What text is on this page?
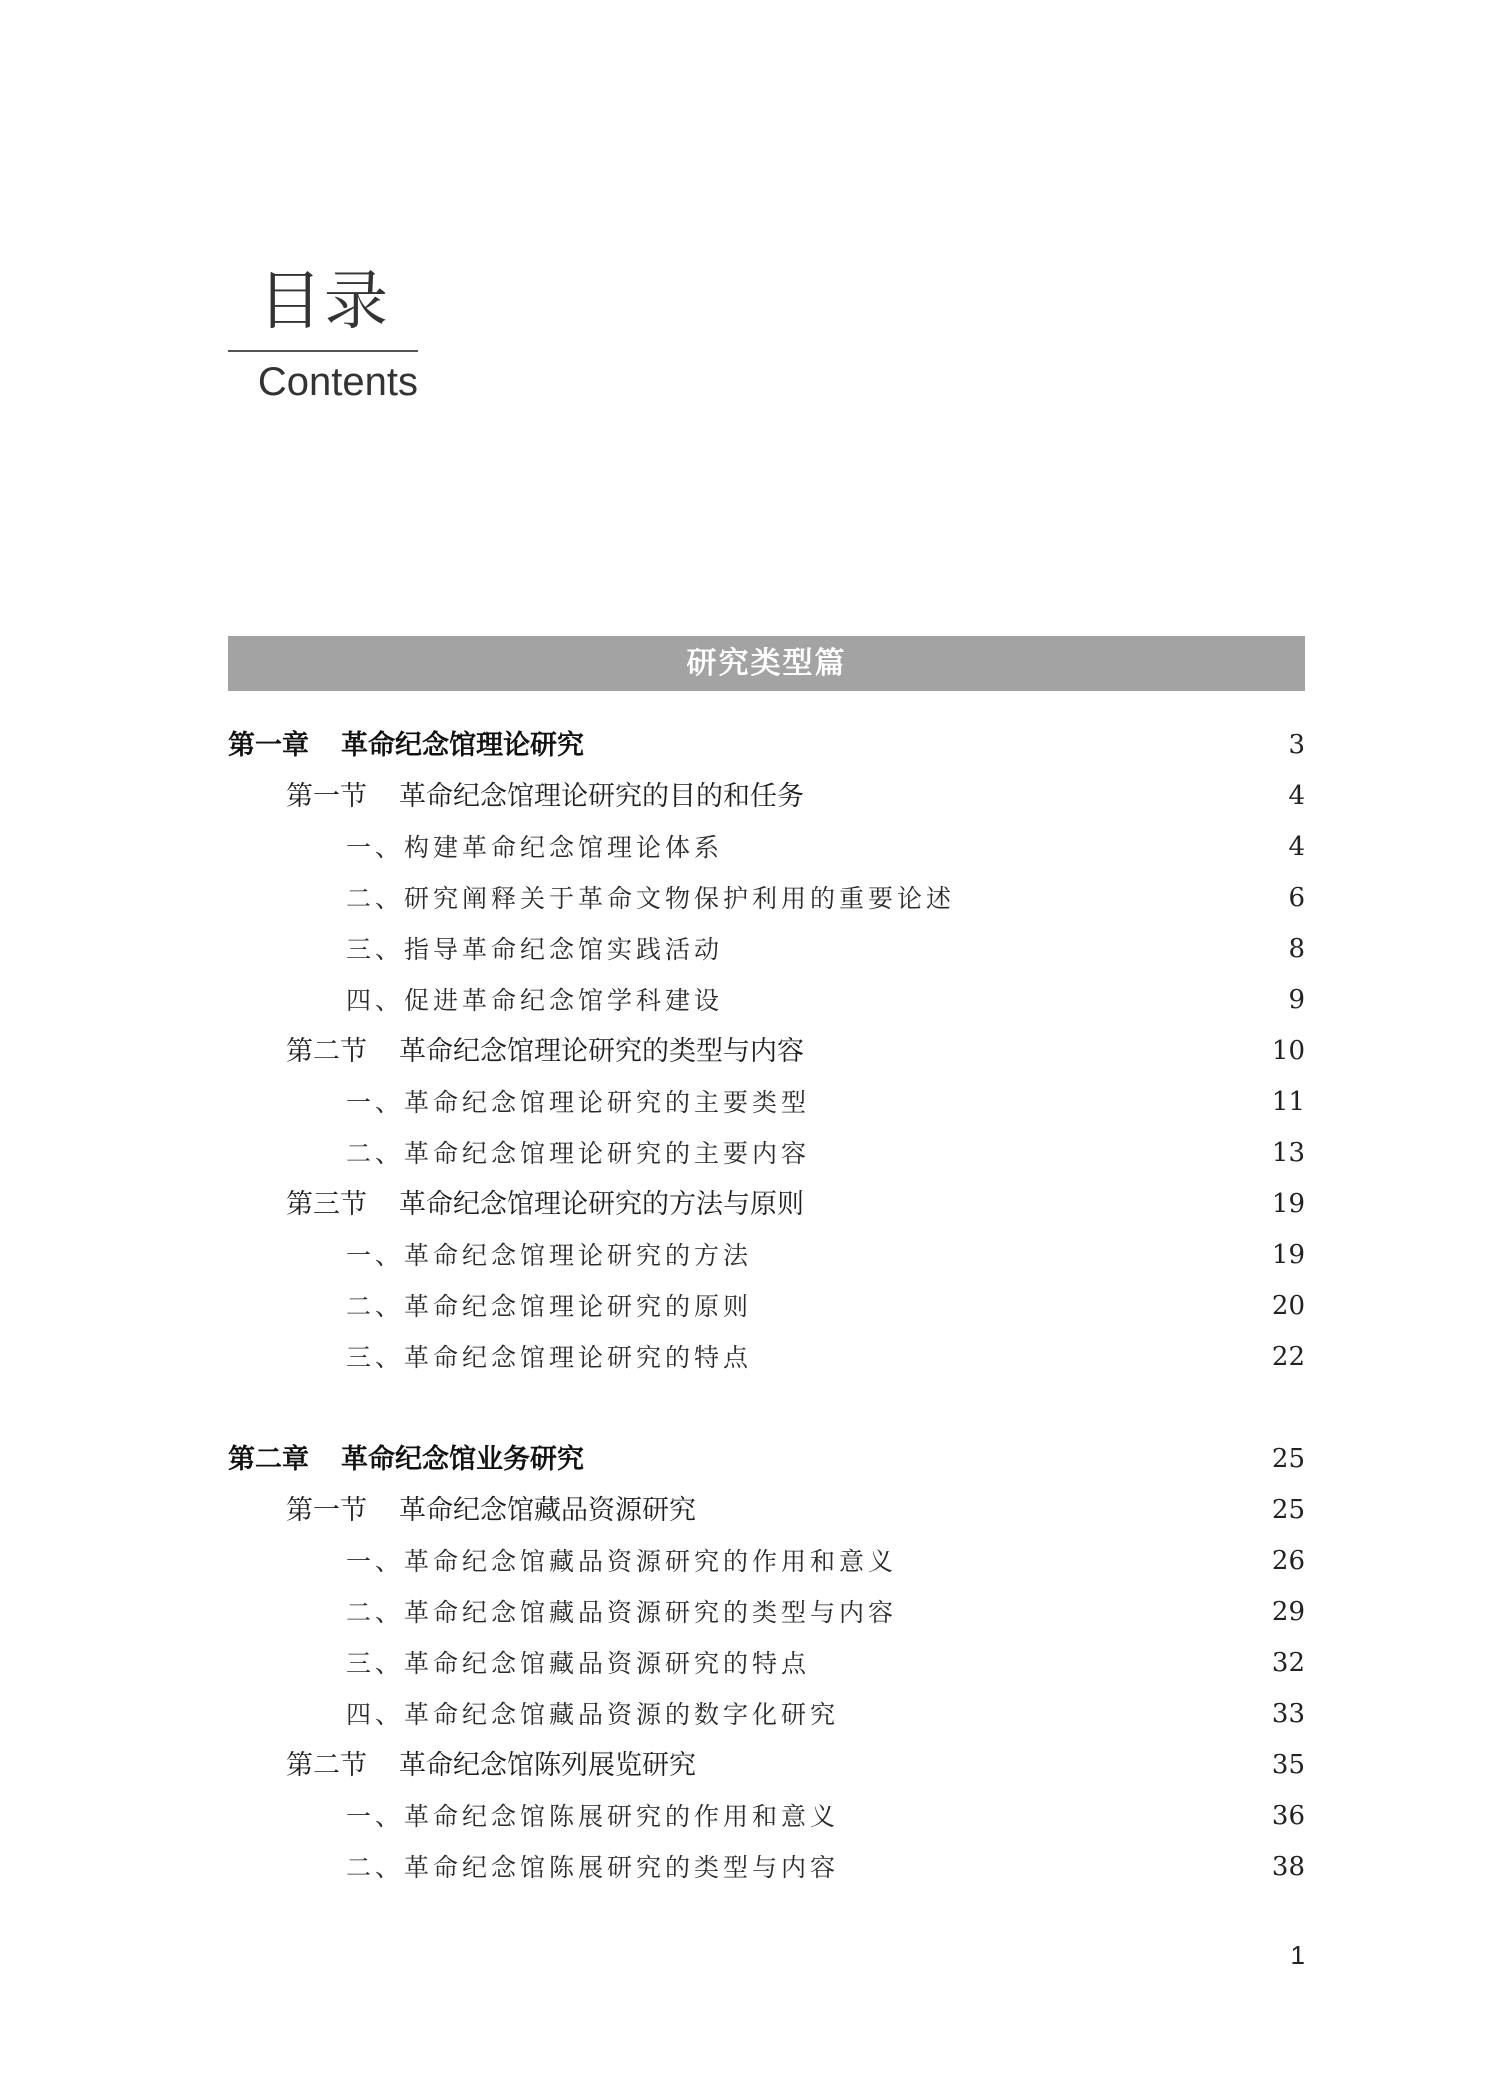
目录
Contents
研究类型篇
第一章 革命纪念馆理论研究	3
第一节 革命纪念馆理论研究的目的和任务	4
一、构建革命纪念馆理论体系	4
二、研究阐释关于革命文物保护利用的重要论述	6
三、指导革命纪念馆实践活动	8
四、促进革命纪念馆学科建设	9
第二节 革命纪念馆理论研究的类型与内容	10
一、革命纪念馆理论研究的主要类型	11
二、革命纪念馆理论研究的主要内容	13
第三节 革命纪念馆理论研究的方法与原则	19
一、革命纪念馆理论研究的方法	19
二、革命纪念馆理论研究的原则	20
三、革命纪念馆理论研究的特点	22
第二章 革命纪念馆业务研究	25
第一节 革命纪念馆藏品资源研究	25
一、革命纪念馆藏品资源研究的作用和意义	26
二、革命纪念馆藏品资源研究的类型与内容	29
三、革命纪念馆藏品资源研究的特点	32
四、革命纪念馆藏品资源的数字化研究	33
第二节 革命纪念馆陈列展览研究	35
一、革命纪念馆陈展研究的作用和意义	36
二、革命纪念馆陈展研究的类型与内容	38
1
